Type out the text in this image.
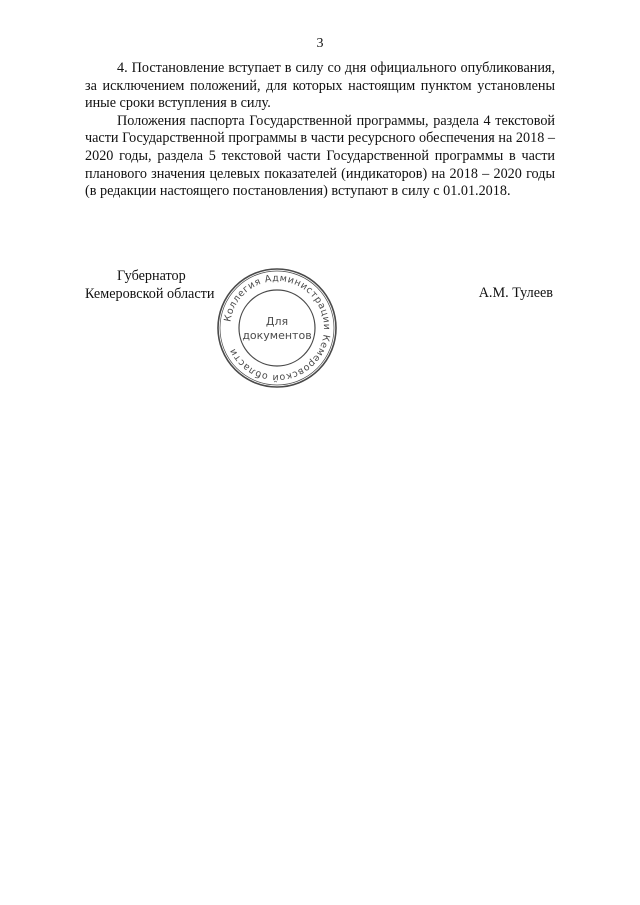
3

4. Постановление вступает в силу со дня официального опубликования, за исключением положений, для которых настоящим пунктом установлены иные сроки вступления в силу.

Положения паспорта Государственной программы, раздела 4 текстовой части Государственной программы в части ресурсного обеспечения на 2018 – 2020 годы, раздела 5 текстовой части Государственной программы в части планового значения целевых показателей (индикаторов) на 2018 – 2020 годы (в редакции настоящего постановления) вступают в силу с 01.01.2018.

Губернатор
Кемеровской области	А.М. Тулеев
Коллегия Администрации Кемеровской области
Для
документов
